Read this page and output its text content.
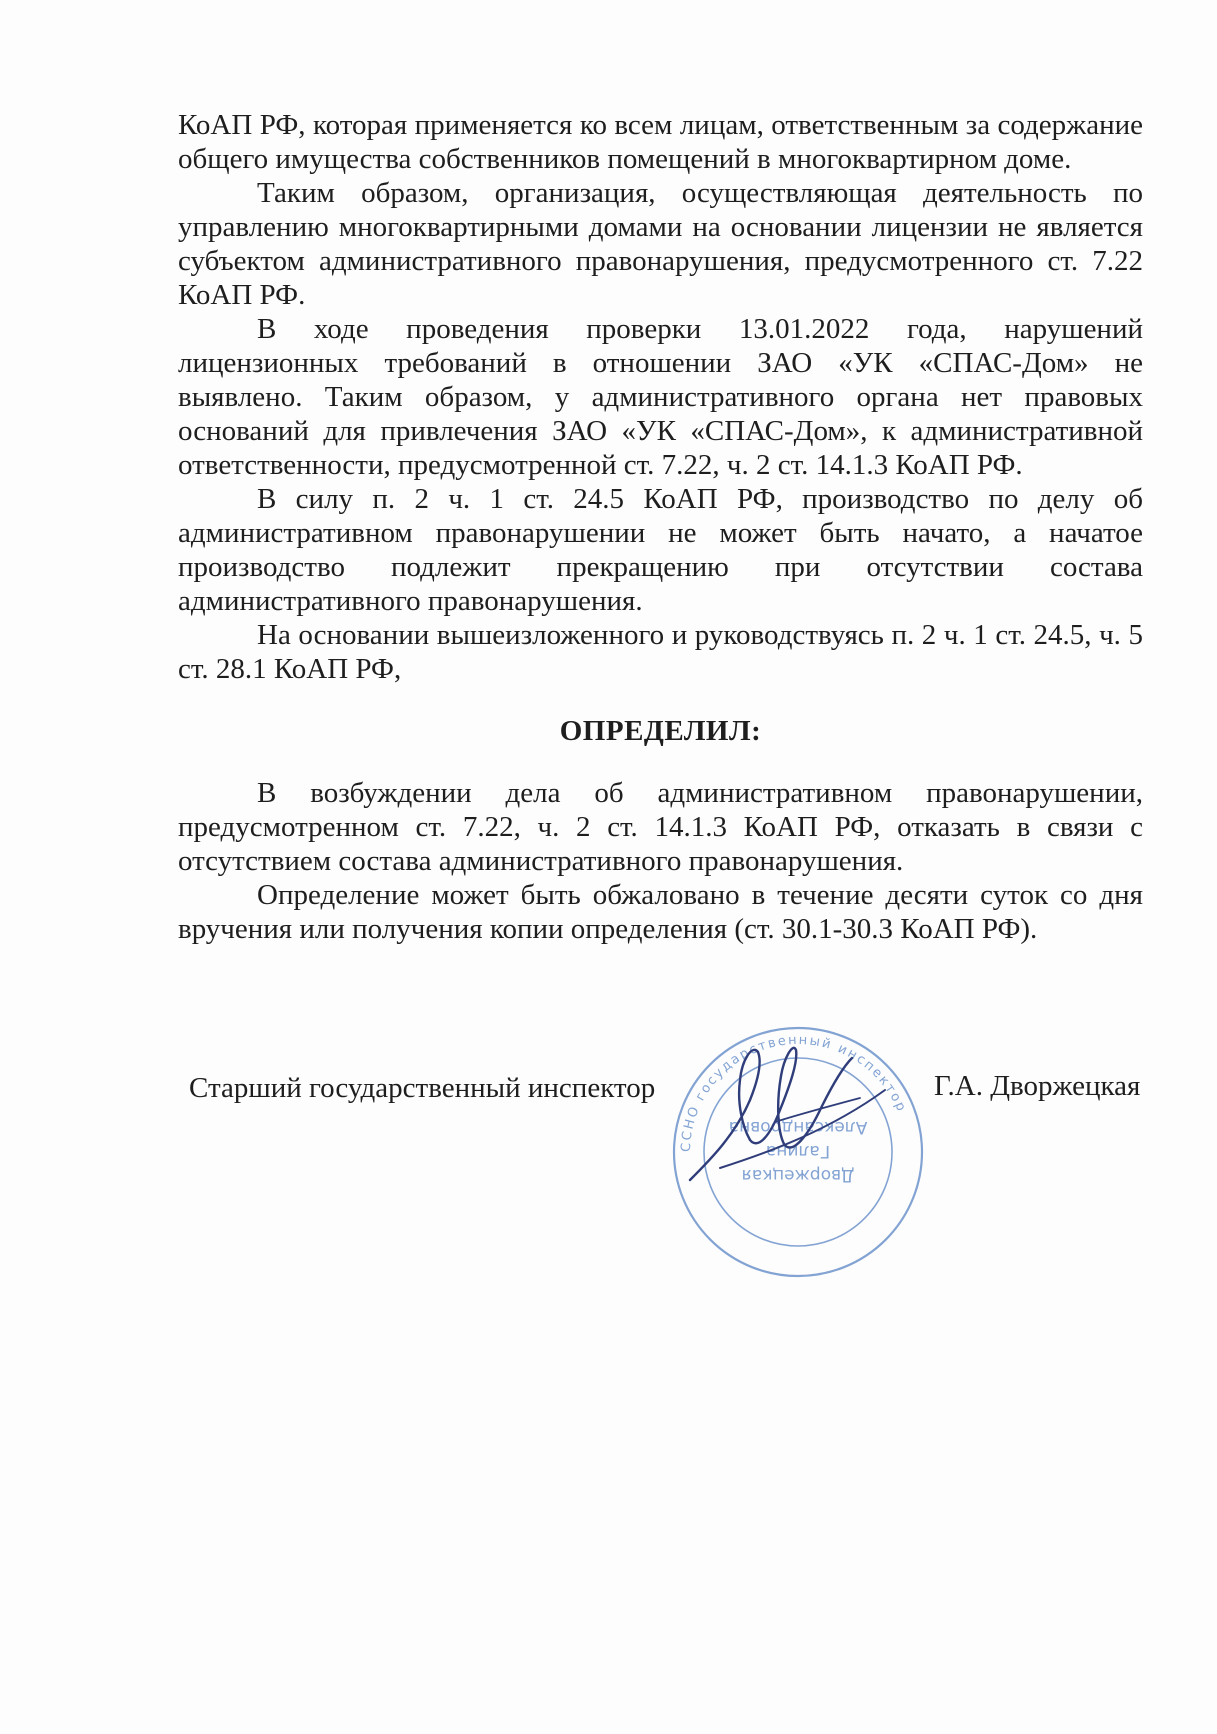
КоАП РФ, которая применяется ко всем лицам, ответственным за содержание общего имущества собственников помещений в многоквартирном доме.

Таким образом, организация, осуществляющая деятельность по управлению многоквартирными домами на основании лицензии не является субъектом административного правонарушения, предусмотренного ст. 7.22 КоАП РФ.

В ходе проведения проверки 13.01.2022 года, нарушений лицензионных требований в отношении ЗАО «УК «СПАС-Дом» не выявлено. Таким образом, у административного органа нет правовых оснований для привлечения ЗАО «УК «СПАС-Дом», к административной ответственности, предусмотренной ст. 7.22, ч. 2 ст. 14.1.3 КоАП РФ.

В силу п. 2 ч. 1 ст. 24.5 КоАП РФ, производство по делу об административном правонарушении не может быть начато, а начатое производство подлежит прекращению при отсутствии состава административного правонарушения.

На основании вышеизложенного и руководствуясь п. 2 ч. 1 ст. 24.5, ч. 5 ст. 28.1 КоАП РФ,

ОПРЕДЕЛИЛ:

В возбуждении дела об административном правонарушении, предусмотренном ст. 7.22, ч. 2 ст. 14.1.3 КоАП РФ, отказать в связи с отсутствием состава административного правонарушения.

Определение может быть обжаловано в течение десяти суток со дня вручения или получения копии определения (ст. 30.1-30.3 КоАП РФ).

ССНО государственный инспектор
Дворжецкая
Галина
Александровна
Старший государственный инспектор	Г.А. Дворжецкая
